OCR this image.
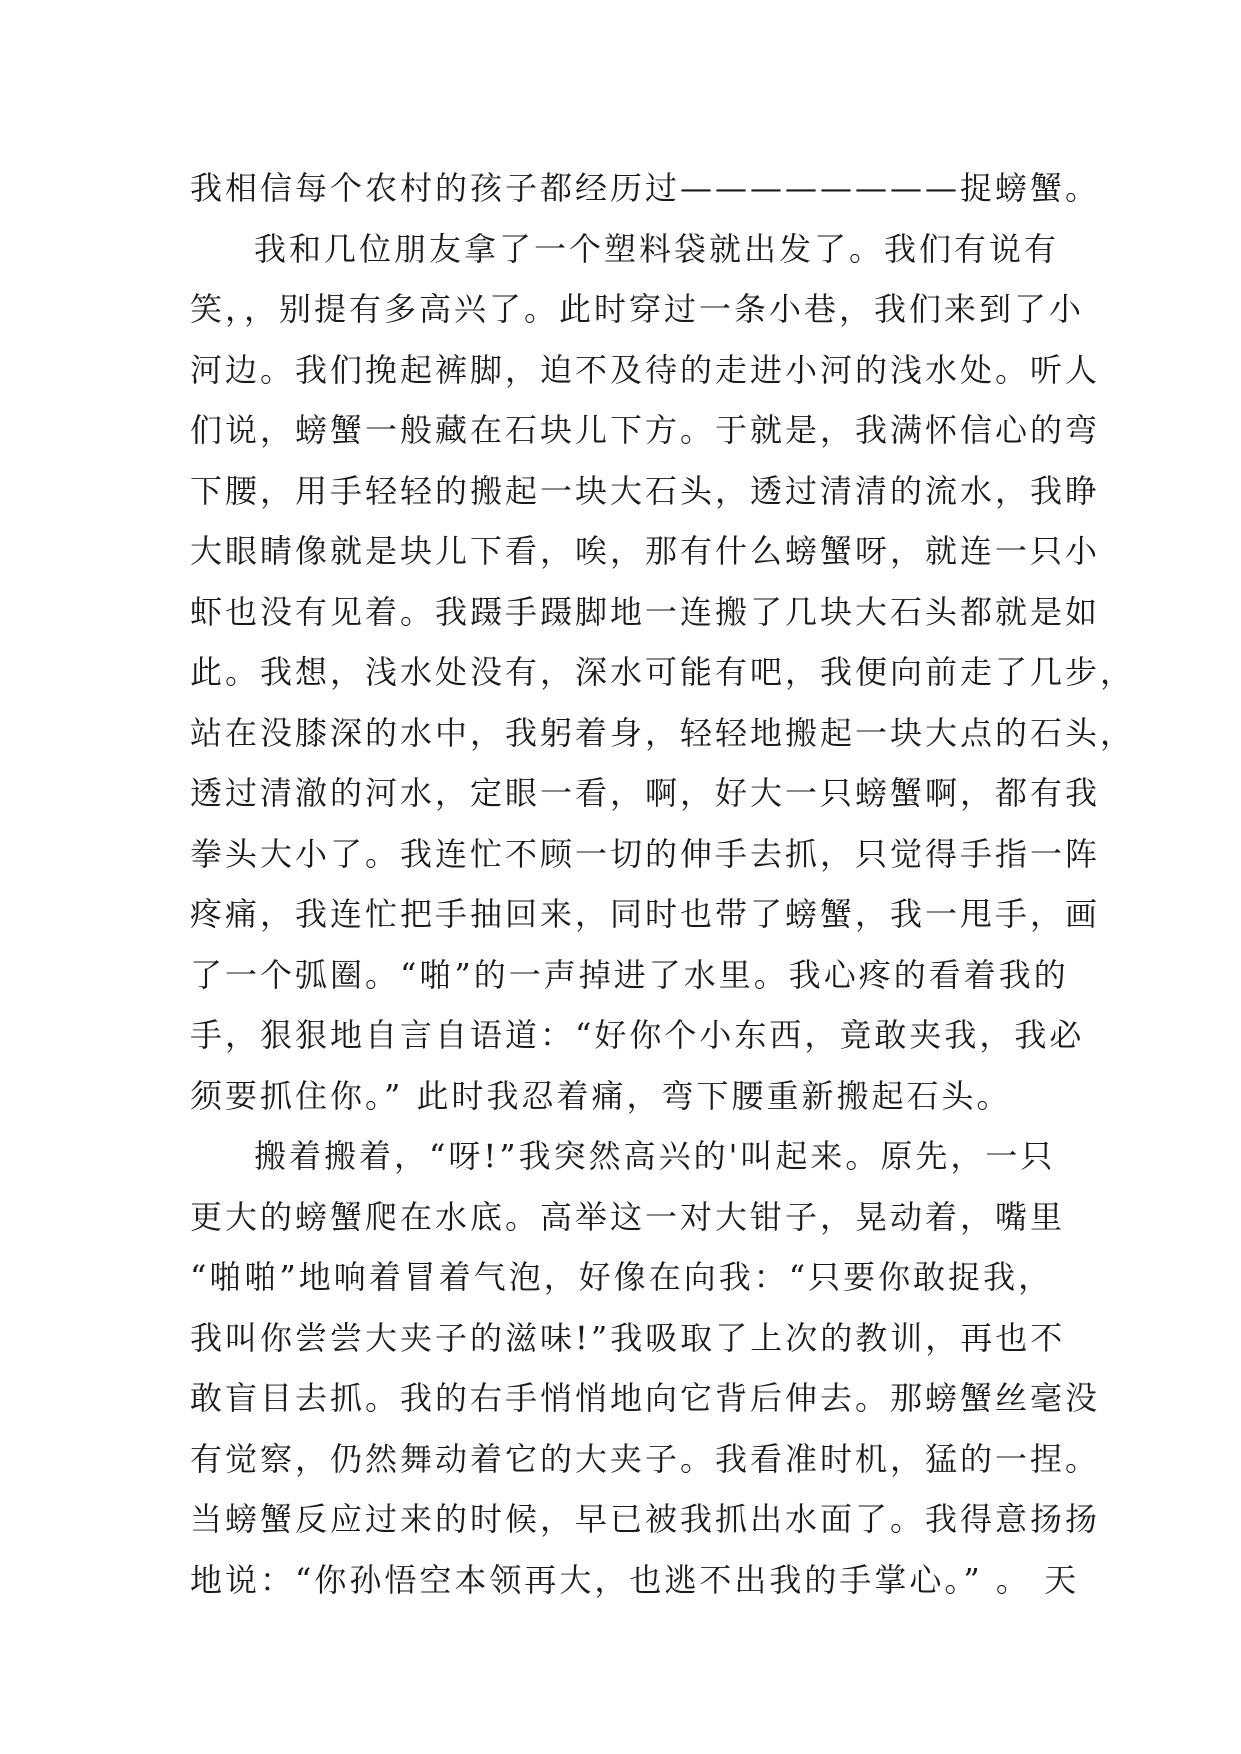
我相信每个农村的孩子都经历过————————捉螃蟹。
我和几位朋友拿了一个塑料袋就出发了。我们有说有
笑，，别提有多高兴了。此时穿过一条小巷，我们来到了小
河边。我们挽起裤脚，迫不及待的走进小河的浅水处。听人
们说，螃蟹一般藏在石块儿下方。于就是，我满怀信心的弯
下腰，用手轻轻的搬起一块大石头，透过清清的流水，我睁
大眼睛像就是块儿下看，唉，那有什么螃蟹呀，就连一只小
虾也没有见着。我蹑手蹑脚地一连搬了几块大石头都就是如
此。我想，浅水处没有，深水可能有吧，我便向前走了几步，
站在没膝深的水中，我躬着身，轻轻地搬起一块大点的石头，
透过清澈的河水，定眼一看，啊，好大一只螃蟹啊，都有我
拳头大小了。我连忙不顾一切的伸手去抓，只觉得手指一阵
疼痛，我连忙把手抽回来，同时也带了螃蟹，我一甩手，画
了一个弧圈。“啪”的一声掉进了水里。我心疼的看着我的
手，狠狠地自言自语道：“好你个小东西，竟敢夹我，我必
须要抓住你。” 此时我忍着痛，弯下腰重新搬起石头。
搬着搬着，“呀!”我突然高兴的'叫起来。原先，一只
更大的螃蟹爬在水底。高举这一对大钳子，晃动着，嘴里
“啪啪”地响着冒着气泡，好像在向我：“只要你敢捉我，
我叫你尝尝大夹子的滋味!”我吸取了上次的教训，再也不
敢盲目去抓。我的右手悄悄地向它背后伸去。那螃蟹丝毫没
有觉察，仍然舞动着它的大夹子。我看准时机，猛的一捏。
当螃蟹反应过来的时候，早已被我抓出水面了。我得意扬扬
地说：“你孙悟空本领再大，也逃不出我的手掌心。” 。 天
